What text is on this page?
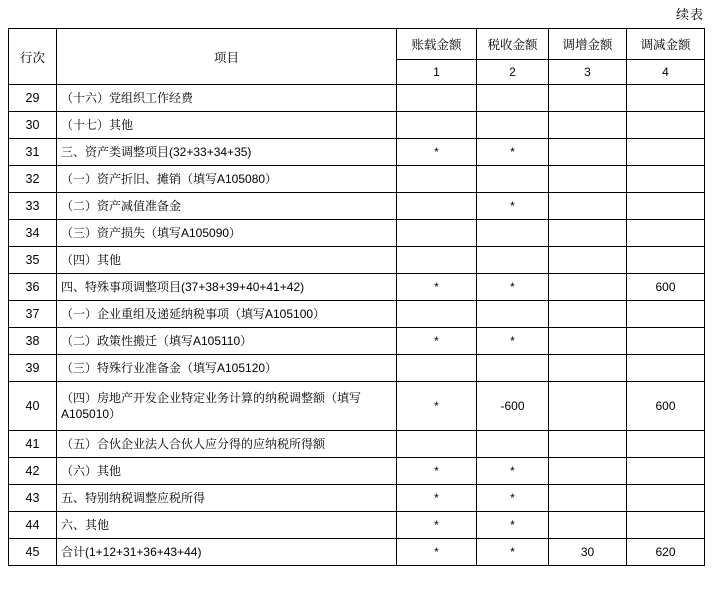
续表
行次	项目	账载金额	税收金额	调增金额	调减金额
		1	2	3	4
29	（十六）党组织工作经费				
30	（十七）其他				
31	三、资产类调整项目(32+33+34+35)	*	*		
32	（一）资产折旧、摊销（填写A105080）				
33	（二）资产减值准备金		*		
34	（三）资产损失（填写A105090）				
35	（四）其他				
36	四、特殊事项调整项目(37+38+39+40+41+42)	*	*		600
37	（一）企业重组及递延纳税事项（填写A105100）				
38	（二）政策性搬迁（填写A105110）	*	*		
39	（三）特殊行业准备金（填写A105120）				
40	（四）房地产开发企业特定业务计算的纳税调整额（填写A105010）	*	-600		600
41	（五）合伙企业法人合伙人应分得的应纳税所得额				
42	（六）其他	*	*		
43	五、特别纳税调整应税所得	*	*		
44	六、其他	*	*		
45	合计(1+12+31+36+43+44)	*	*	30	620
